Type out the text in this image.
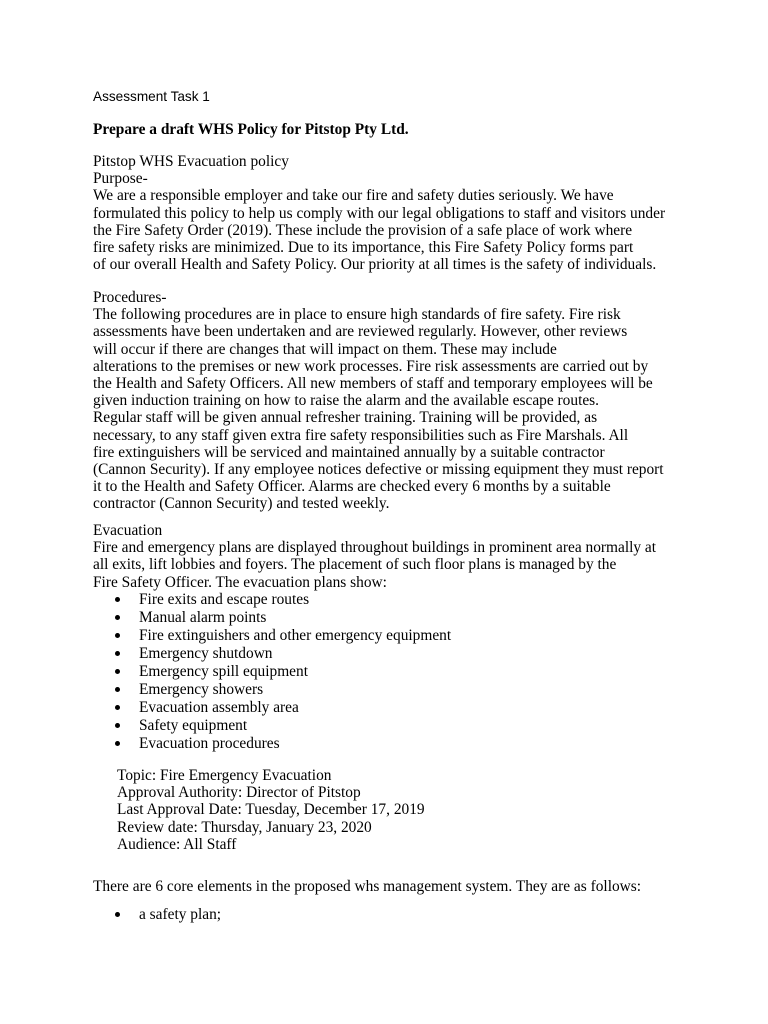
Assessment Task 1
Prepare a draft WHS Policy for Pitstop Pty Ltd.
Pitstop WHS Evacuation policy
Purpose-
We are a responsible employer and take our fire and safety duties seriously. We have
formulated this policy to help us comply with our legal obligations to staff and visitors under
the Fire Safety Order (2019). These include the provision of a safe place of work where
fire safety risks are minimized. Due to its importance, this Fire Safety Policy forms part
of our overall Health and Safety Policy. Our priority at all times is the safety of individuals.
Procedures-
The following procedures are in place to ensure high standards of fire safety. Fire risk
assessments have been undertaken and are reviewed regularly. However, other reviews
will occur if there are changes that will impact on them. These may include
alterations to the premises or new work processes. Fire risk assessments are carried out by
the Health and Safety Officers. All new members of staff and temporary employees will be
given induction training on how to raise the alarm and the available escape routes.
Regular staff will be given annual refresher training. Training will be provided, as
necessary, to any staff given extra fire safety responsibilities such as Fire Marshals. All
fire extinguishers will be serviced and maintained annually by a suitable contractor
(Cannon Security). If any employee notices defective or missing equipment they must report
it to the Health and Safety Officer. Alarms are checked every 6 months by a suitable
contractor (Cannon Security) and tested weekly.
Evacuation
Fire and emergency plans are displayed throughout buildings in prominent area normally at
all exits, lift lobbies and foyers. The placement of such floor plans is managed by the
Fire Safety Officer. The evacuation plans show:
Fire exits and escape routes
Manual alarm points
Fire extinguishers and other emergency equipment
Emergency shutdown
Emergency spill equipment
Emergency showers
Evacuation assembly area
Safety equipment
Evacuation procedures
Topic: Fire Emergency Evacuation
Approval Authority: Director of Pitstop
Last Approval Date: Tuesday, December 17, 2019
Review date: Thursday, January 23, 2020
Audience: All Staff
There are 6 core elements in the proposed whs management system. They are as follows:
a safety plan;
